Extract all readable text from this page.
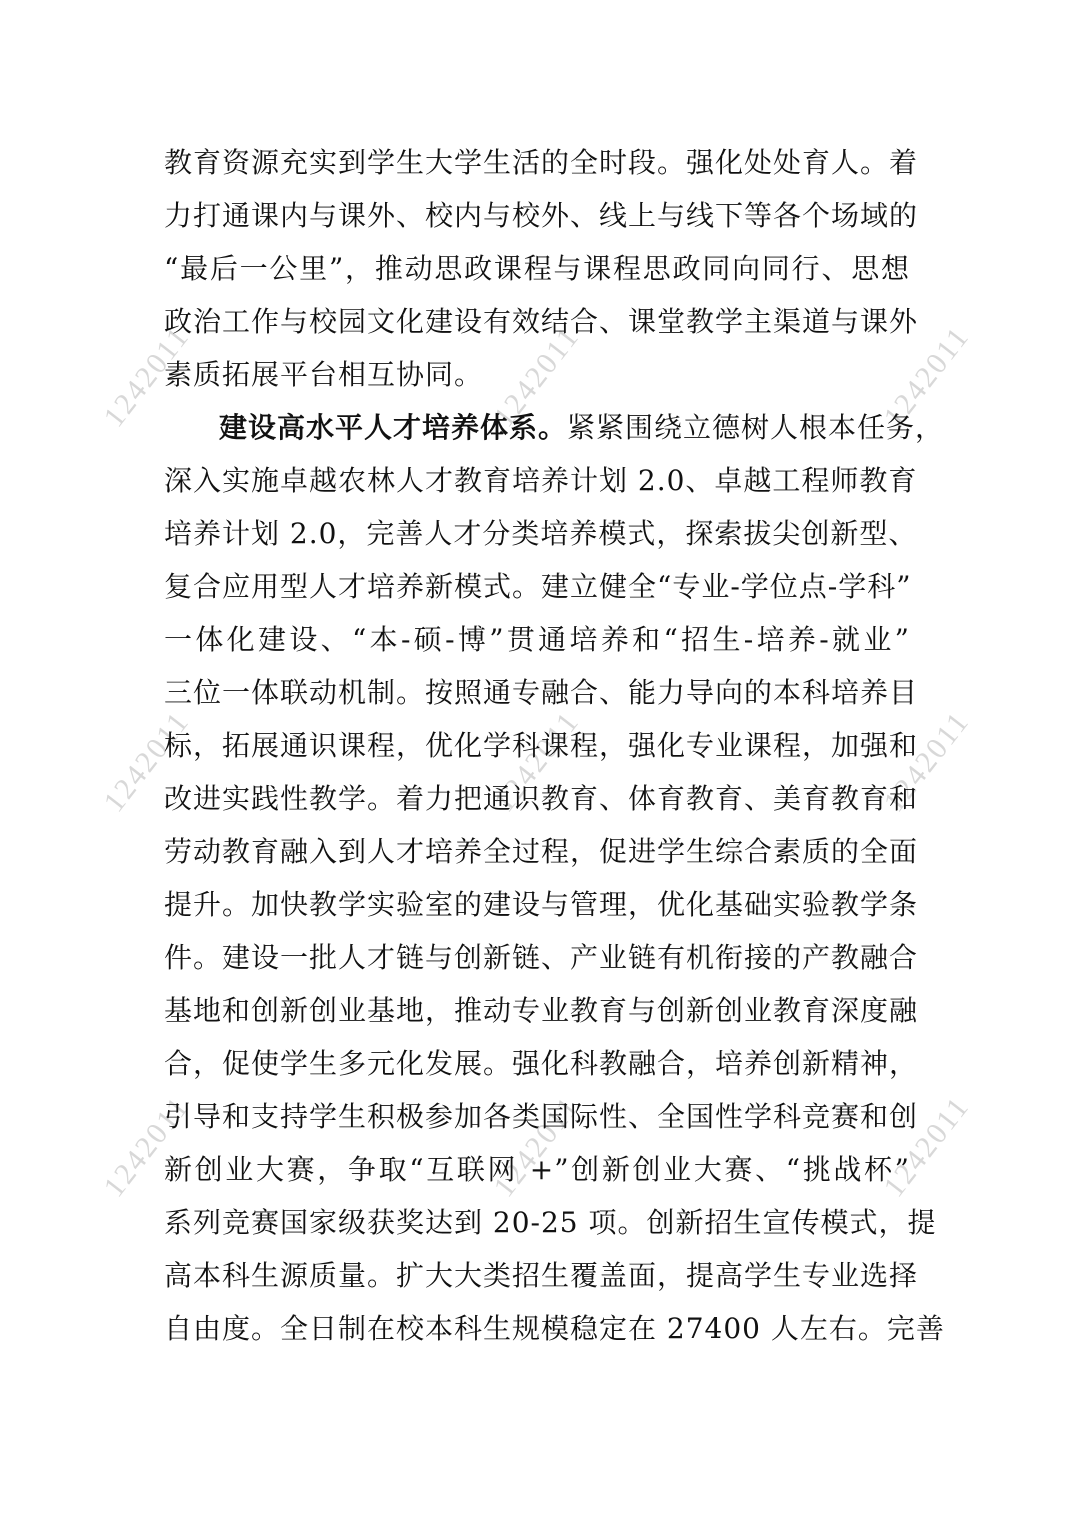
1242011	1242011	1242011
1242011	1242011	1242011
1242011	1242011	1242011
教育资源充实到学生大学生活的全时段。强化处处育人。着
力打通课内与课外、校内与校外、线上与线下等各个场域的
“最后一公里”，推动思政课程与课程思政同向同行、思想
政治工作与校园文化建设有效结合、课堂教学主渠道与课外
素质拓展平台相互协同。
建设高水平人才培养体系。紧紧围绕立德树人根本任务，
深入实施卓越农林人才教育培养计划 2.0、卓越工程师教育
培养计划 2.0，完善人才分类培养模式，探索拔尖创新型、
复合应用型人才培养新模式。建立健全“专业-学位点-学科”
一体化建设、“本-硕-博”贯通培养和“招生-培养-就业”
三位一体联动机制。按照通专融合、能力导向的本科培养目
标，拓展通识课程，优化学科课程，强化专业课程，加强和
改进实践性教学。着力把通识教育、体育教育、美育教育和
劳动教育融入到人才培养全过程，促进学生综合素质的全面
提升。加快教学实验室的建设与管理，优化基础实验教学条
件。建设一批人才链与创新链、产业链有机衔接的产教融合
基地和创新创业基地，推动专业教育与创新创业教育深度融
合，促使学生多元化发展。强化科教融合，培养创新精神，
引导和支持学生积极参加各类国际性、全国性学科竞赛和创
新创业大赛，争取“互联网 +”创新创业大赛、“挑战杯”
系列竞赛国家级获奖达到 20-25 项。创新招生宣传模式，提
高本科生源质量。扩大大类招生覆盖面，提高学生专业选择
自由度。全日制在校本科生规模稳定在 27400 人左右。完善
